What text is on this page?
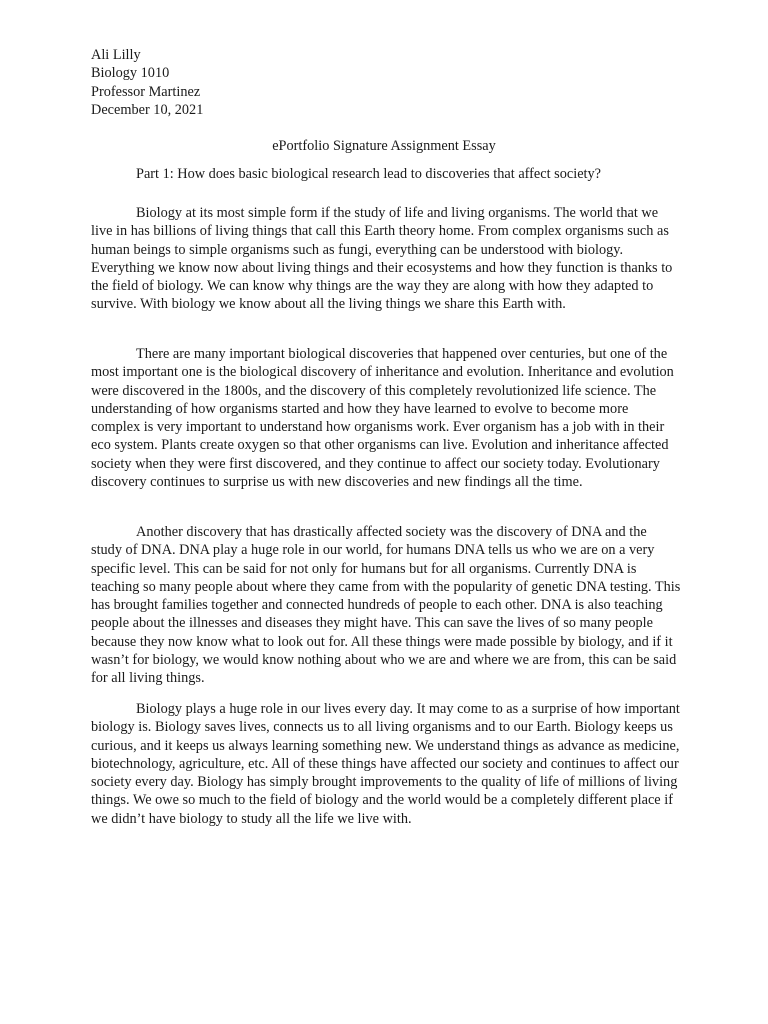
Ali Lilly
Biology 1010
Professor Martinez
December 10, 2021
ePortfolio Signature Assignment Essay
Part 1: How does basic biological research lead to discoveries that affect society?

Biology at its most simple form if the study of life and living organisms. The world that we live in has billions of living things that call this Earth theory home. From complex organisms such as human beings to simple organisms such as fungi, everything can be understood with biology. Everything we know now about living things and their ecosystems and how they function is thanks to the field of biology. We can know why things are the way they are along with how they adapted to survive. With biology we know about all the living things we share this Earth with.

There are many important biological discoveries that happened over centuries, but one of the most important one is the biological discovery of inheritance and evolution. Inheritance and evolution were discovered in the 1800s, and the discovery of this completely revolutionized life science. The understanding of how organisms started and how they have learned to evolve to become more complex is very important to understand how organisms work. Ever organism has a job with in their eco system. Plants create oxygen so that other organisms can live. Evolution and inheritance affected society when they were first discovered, and they continue to affect our society today. Evolutionary discovery continues to surprise us with new discoveries and new findings all the time.

Another discovery that has drastically affected society was the discovery of DNA and the study of DNA. DNA play a huge role in our world, for humans DNA tells us who we are on a very specific level. This can be said for not only for humans but for all organisms. Currently DNA is teaching so many people about where they came from with the popularity of genetic DNA testing. This has brought families together and connected hundreds of people to each other. DNA is also teaching people about the illnesses and diseases they might have. This can save the lives of so many people because they now know what to look out for. All these things were made possible by biology, and if it wasn’t for biology, we would know nothing about who we are and where we are from, this can be said for all living things.

Biology plays a huge role in our lives every day. It may come to as a surprise of how important biology is. Biology saves lives, connects us to all living organisms and to our Earth. Biology keeps us curious, and it keeps us always learning something new. We understand things as advance as medicine, biotechnology, agriculture, etc. All of these things have affected our society and continues to affect our society every day. Biology has simply brought improvements to the quality of life of millions of living things. We owe so much to the field of biology and the world would be a completely different place if we didn’t have biology to study all the life we live with.
